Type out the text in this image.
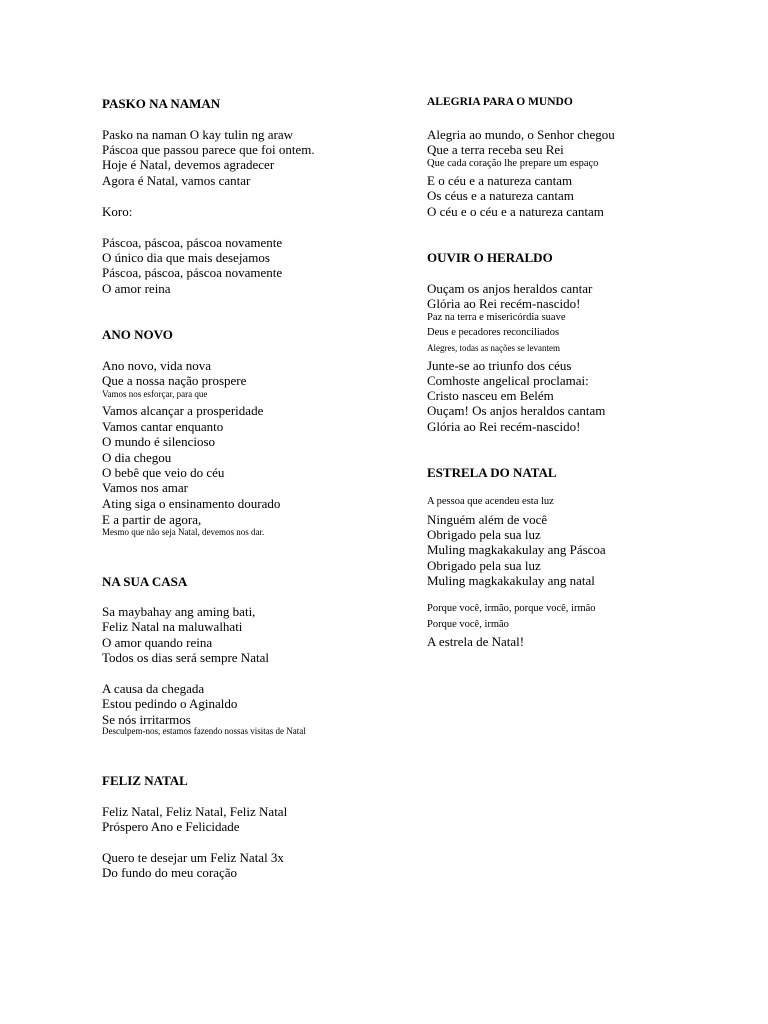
PASKO NA NAMAN
Pasko na naman O kay tulin ng araw
Páscoa que passou parece que foi ontem.
Hoje é Natal, devemos agradecer
Agora é Natal, vamos cantar
Koro:
Páscoa, páscoa, páscoa novamente
O único dia que mais desejamos
Páscoa, páscoa, páscoa novamente
O amor reina
ANO NOVO
Ano novo, vida nova
Que a nossa nação prospere
Vamos nos esforçar, para que
Vamos alcançar a prosperidade
Vamos cantar enquanto
O mundo é silencioso
O dia chegou
O bebê que veio do céu
Vamos nos amar
Ating siga o ensinamento dourado
E a partir de agora,
Mesmo que não seja Natal, devemos nos dar.
NA SUA CASA
Sa maybahay ang aming bati,
Feliz Natal na maluwalhati
O amor quando reina
Todos os dias será sempre Natal
A causa da chegada
Estou pedindo o Aginaldo
Se nós irritarmos
Desculpem-nos, estamos fazendo nossas visitas de Natal
FELIZ NATAL
Feliz Natal, Feliz Natal, Feliz Natal
Próspero Ano e Felicidade
Quero te desejar um Feliz Natal 3x
Do fundo do meu coração
ALEGRIA PARA O MUNDO
Alegria ao mundo, o Senhor chegou
Que a terra receba seu Rei
Que cada coração lhe prepare um espaço
E o céu e a natureza cantam
Os céus e a natureza cantam
O céu e o céu e a natureza cantam
OUVIR O HERALDO
Ouçam os anjos heraldos cantar
Glória ao Rei recém-nascido!
Paz na terra e misericórdia suave
Deus e pecadores reconciliados
Alegres, todas as nações se levantem
Junte-se ao triunfo dos céus
Comhoste angelical proclamai:
Cristo nasceu em Belém
Ouçam! Os anjos heraldos cantam
Glória ao Rei recém-nascido!
ESTRELA DO NATAL
A pessoa que acendeu esta luz
Ninguém além de você
Obrigado pela sua luz
Muling magkakakulay ang Páscoa
Obrigado pela sua luz
Muling magkakakulay ang natal
Porque você, irmão, porque você, irmão
Porque você, irmão
A estrela de Natal!
